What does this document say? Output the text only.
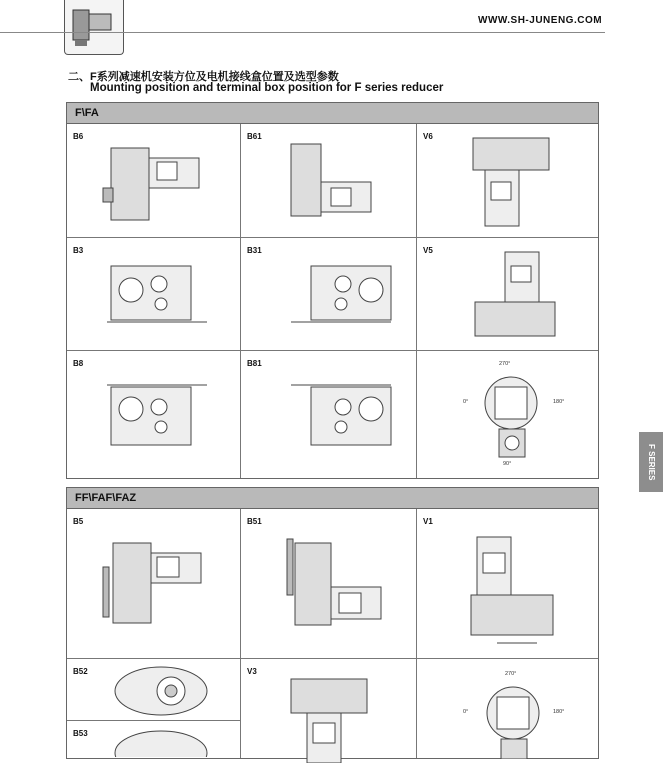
WWW.SH-JUNENG.COM
二、F系列减速机安装方位及电机接线盒位置及选型参数
Mounting position and terminal box position for F series reducer
F\FA
B6	B61	V6
B3	B31	V5
B8	B81	270°
0°	180°
90°	F SERIES
FF\FAF\FAZ
B5	B51	V1
B52	V3	270°
0°	180°
B53
